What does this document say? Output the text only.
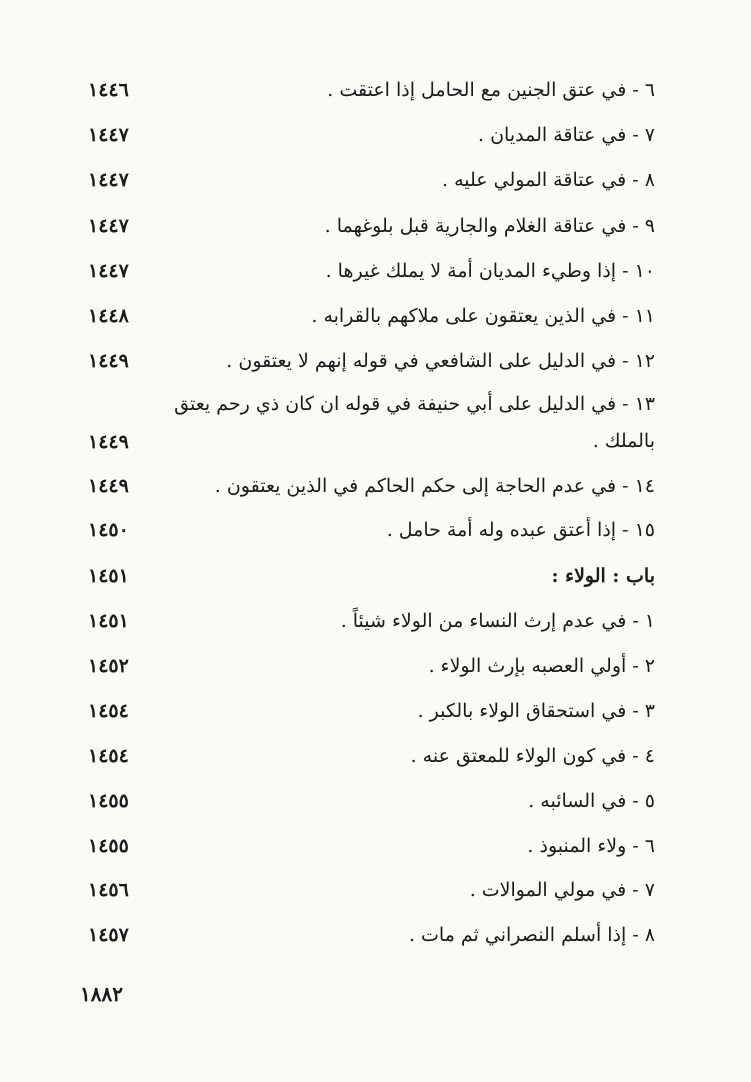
٦ - في عتق الجنين مع الحامل إذا اعتقت .
١٤٤٦
٧ - في عتاقة المديان .
١٤٤٧
٨ - في عتاقة المولي عليه .
١٤٤٧
٩ - في عتاقة الغلام والجارية قبل بلوغهما .
١٤٤٧
١٠ - إذا وطيء المديان أمة لا يملك غيرها .
١٤٤٧
١١ - في الذين يعتقون على ملاكهم بالقرابه .
١٤٤٨
١٢ - في الدليل على الشافعي في قوله إنهم لا يعتقون .
١٤٤٩
١٣ - في الدليل على أبي حنيفة في قوله ان كان ذي رحم يعتق بالملك .
١٤٤٩
١٤ - في عدم الحاجة إلى حكم الحاكم في الذين يعتقون .
١٤٤٩
١٥ - إذا أعتق عبده وله أمة حامل .
١٤٥٠
باب : الولاء :
١٤٥١
١ - في عدم إرث النساء من الولاء شيئاً .
١٤٥١
٢ - أولي العصبه بإرث الولاء .
١٤٥٢
٣ - في استحقاق الولاء بالكبر .
١٤٥٤
٤ - في كون الولاء للمعتق عنه .
١٤٥٤
٥ - في السائبه .
١٤٥٥
٦ - ولاء المنبوذ .
١٤٥٥
٧ - في مولي الموالات .
١٤٥٦
٨ - إذا أسلم النصراني ثم مات .
١٤٥٧
١٨٨٢
